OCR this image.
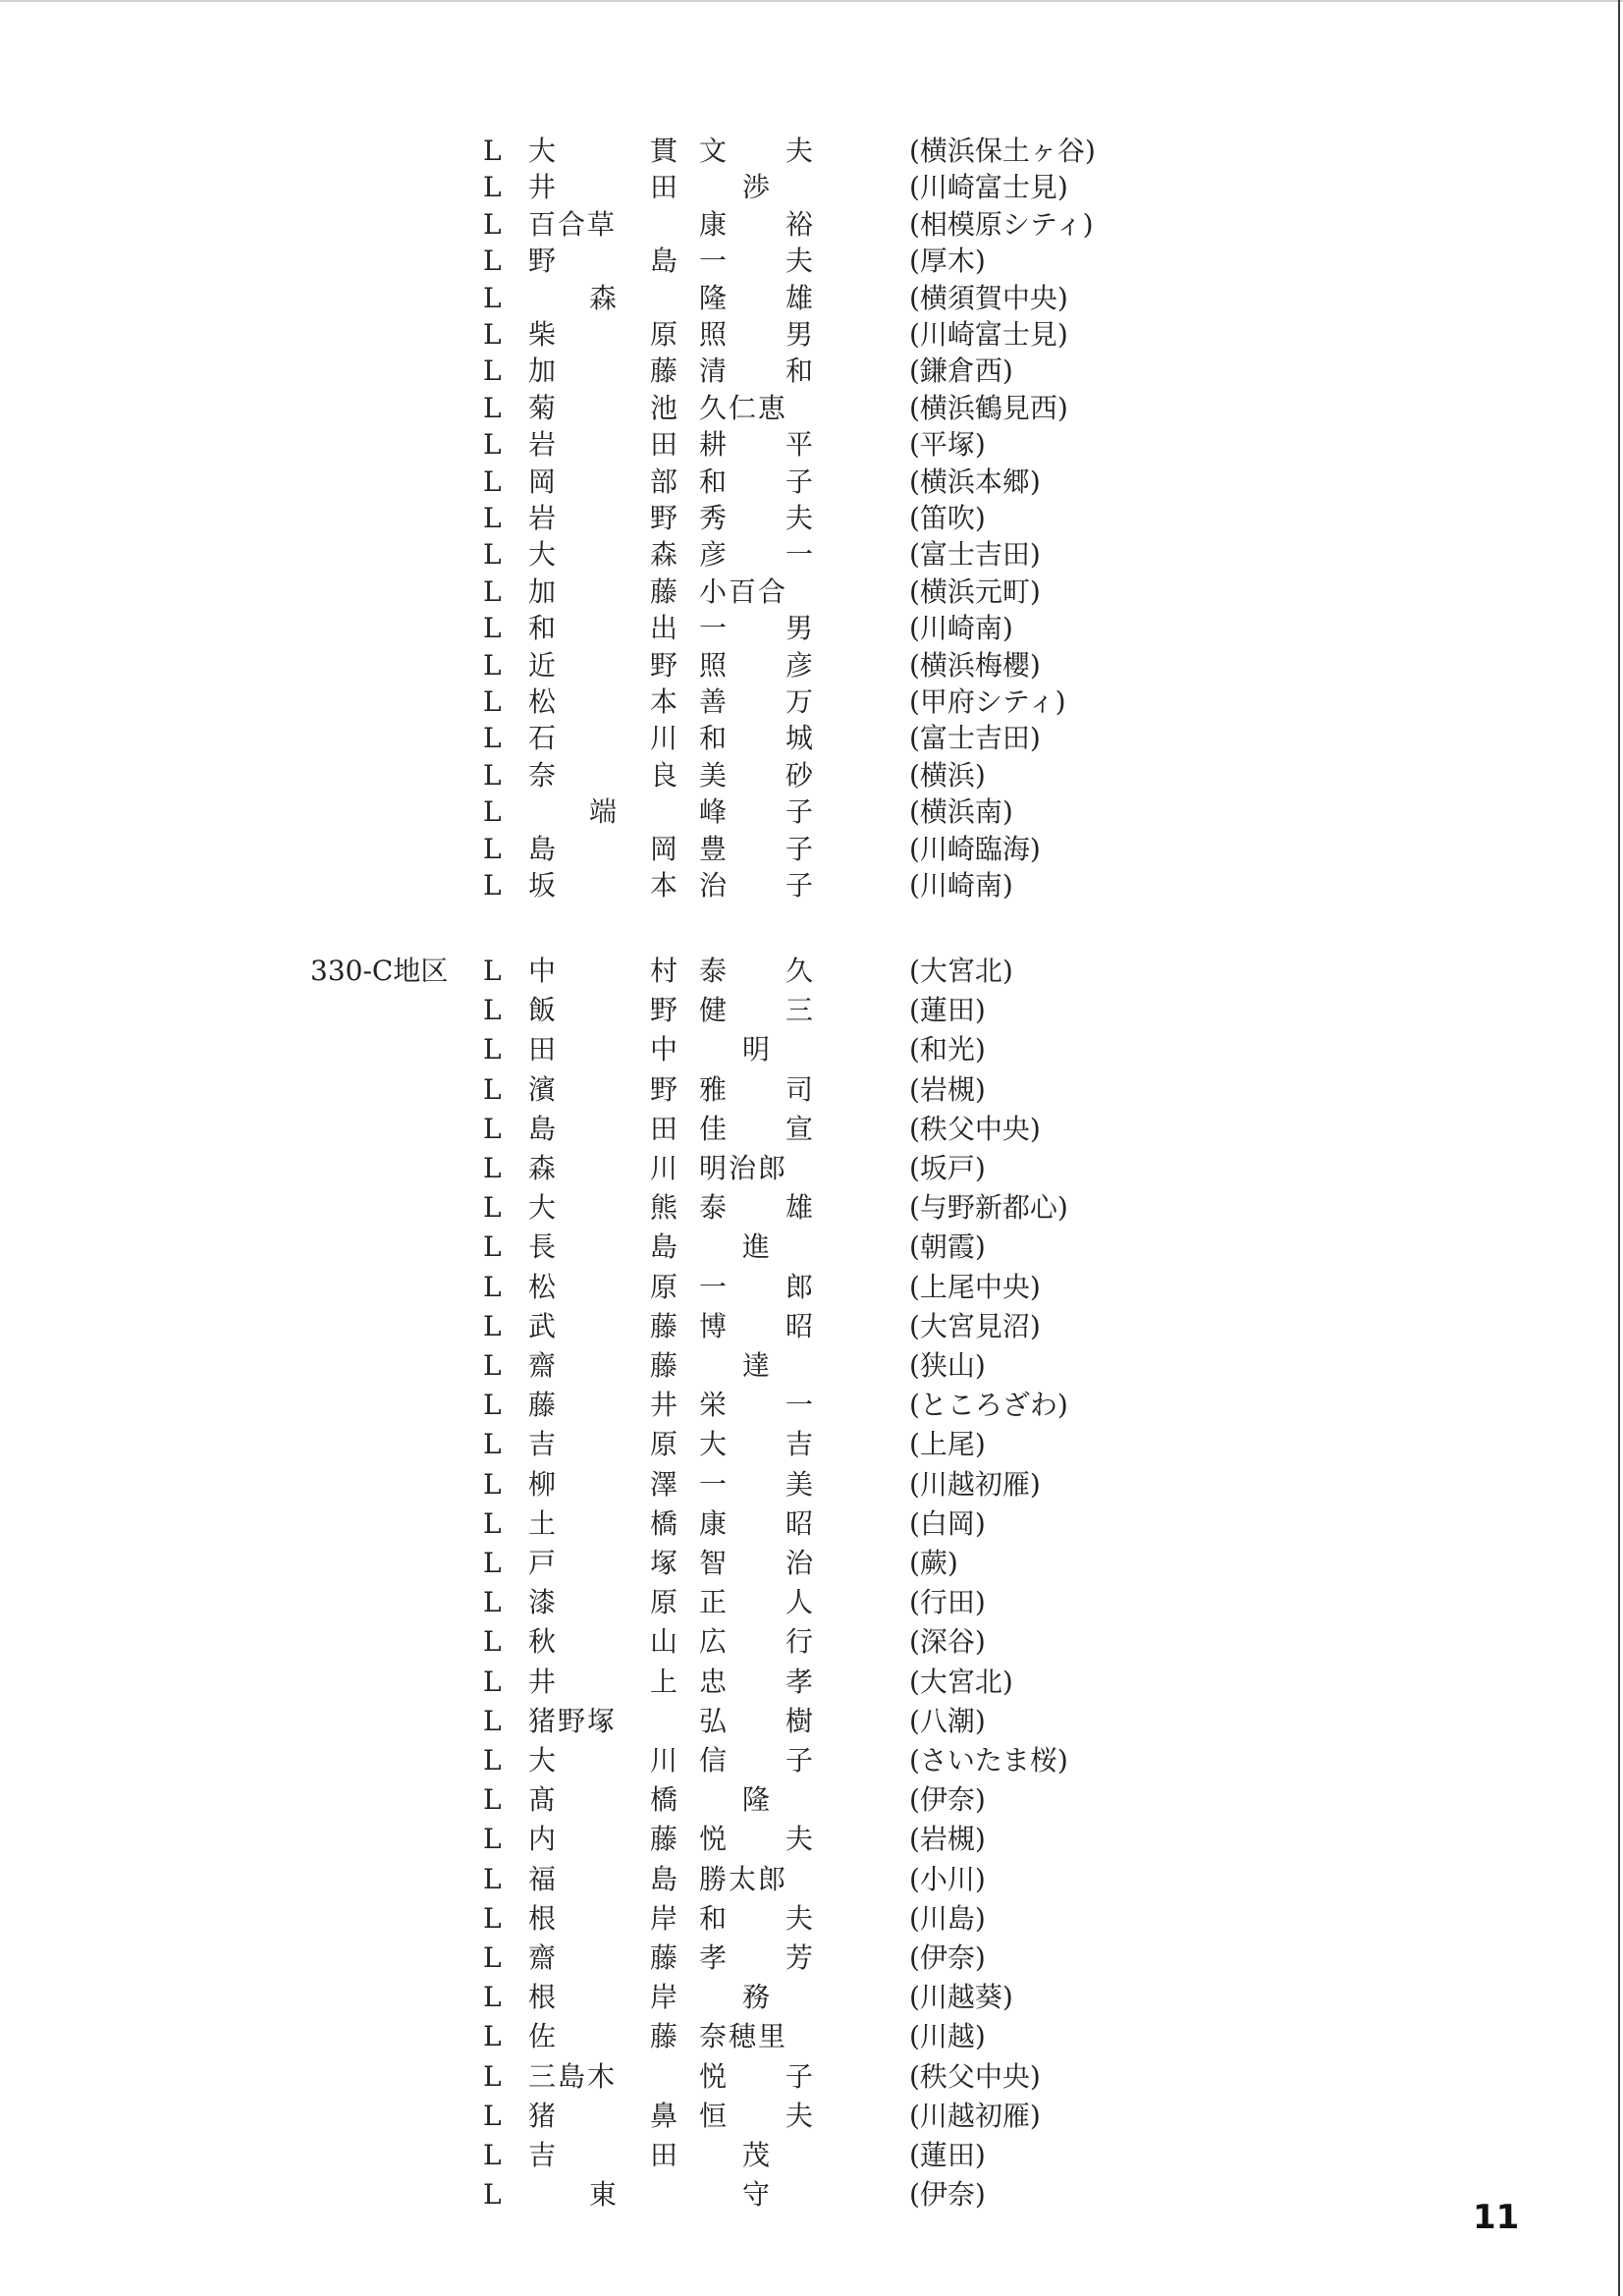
L 大貫 文夫	(横浜保土ヶ谷)
L 井田	渉	(川崎富士見)
L 百合草	康裕	(相模原シティ)
L 野島 一夫	(厚木)
L	森	隆雄	(横須賀中央)
L 柴原 照男	(川崎富士見)
L 加藤 清和	(鎌倉西)
L 菊池 久仁恵	(横浜鶴見西)
L 岩田 耕平	(平塚)
L 岡部 和子	(横浜本郷)
L 岩野 秀夫	(笛吹)
L 大森 彦一	(富士吉田)
L 加藤 小百合	(横浜元町)
L 和出 一男	(川崎南)
L 近野 照彦	(横浜梅櫻)
L 松本 善万	(甲府シティ)
L 石川 和城	(富士吉田)
L 奈良 美砂	(横浜)
L	端	峰子	(横浜南)
L 島岡 豊子	(川崎臨海)
L 坂本 治子	(川崎南)
330-C地区 L 中村 泰久	(大宮北)
L 飯野 健三	(蓮田)
L 田中	明	(和光)
L 濱野 雅司	(岩槻)
L 島田 佳宣	(秩父中央)
L 森川 明治郎	(坂戸)
L 大熊 泰雄	(与野新都心)
L 長島	進	(朝霞)
L 松原 一郎	(上尾中央)
L 武藤 博昭	(大宮見沼)
L 齋藤	達	(狭山)
L 藤井 栄一	(ところざわ)
L 吉原 大吉	(上尾)
L 柳澤 一美	(川越初雁)
L 土橋 康昭	(白岡)
L 戸塚 智治	(蕨)
L 漆原 正人	(行田)
L 秋山 広行	(深谷)
L 井上 忠孝	(大宮北)
L 猪野塚	弘樹	(八潮)
L 大川 信子	(さいたま桜)
L 髙橋	隆	(伊奈)
L 内藤 悦夫	(岩槻)
L 福島 勝太郎	(小川)
L 根岸 和夫	(川島)
L 齋藤 孝芳	(伊奈)
L 根岸	務	(川越葵)
L 佐藤 奈穂里	(川越)
L 三島木	悦子	(秩父中央)
L 猪鼻 恒夫	(川越初雁)
L 吉田	茂	(蓮田)
L	東	守	(伊奈)
11
